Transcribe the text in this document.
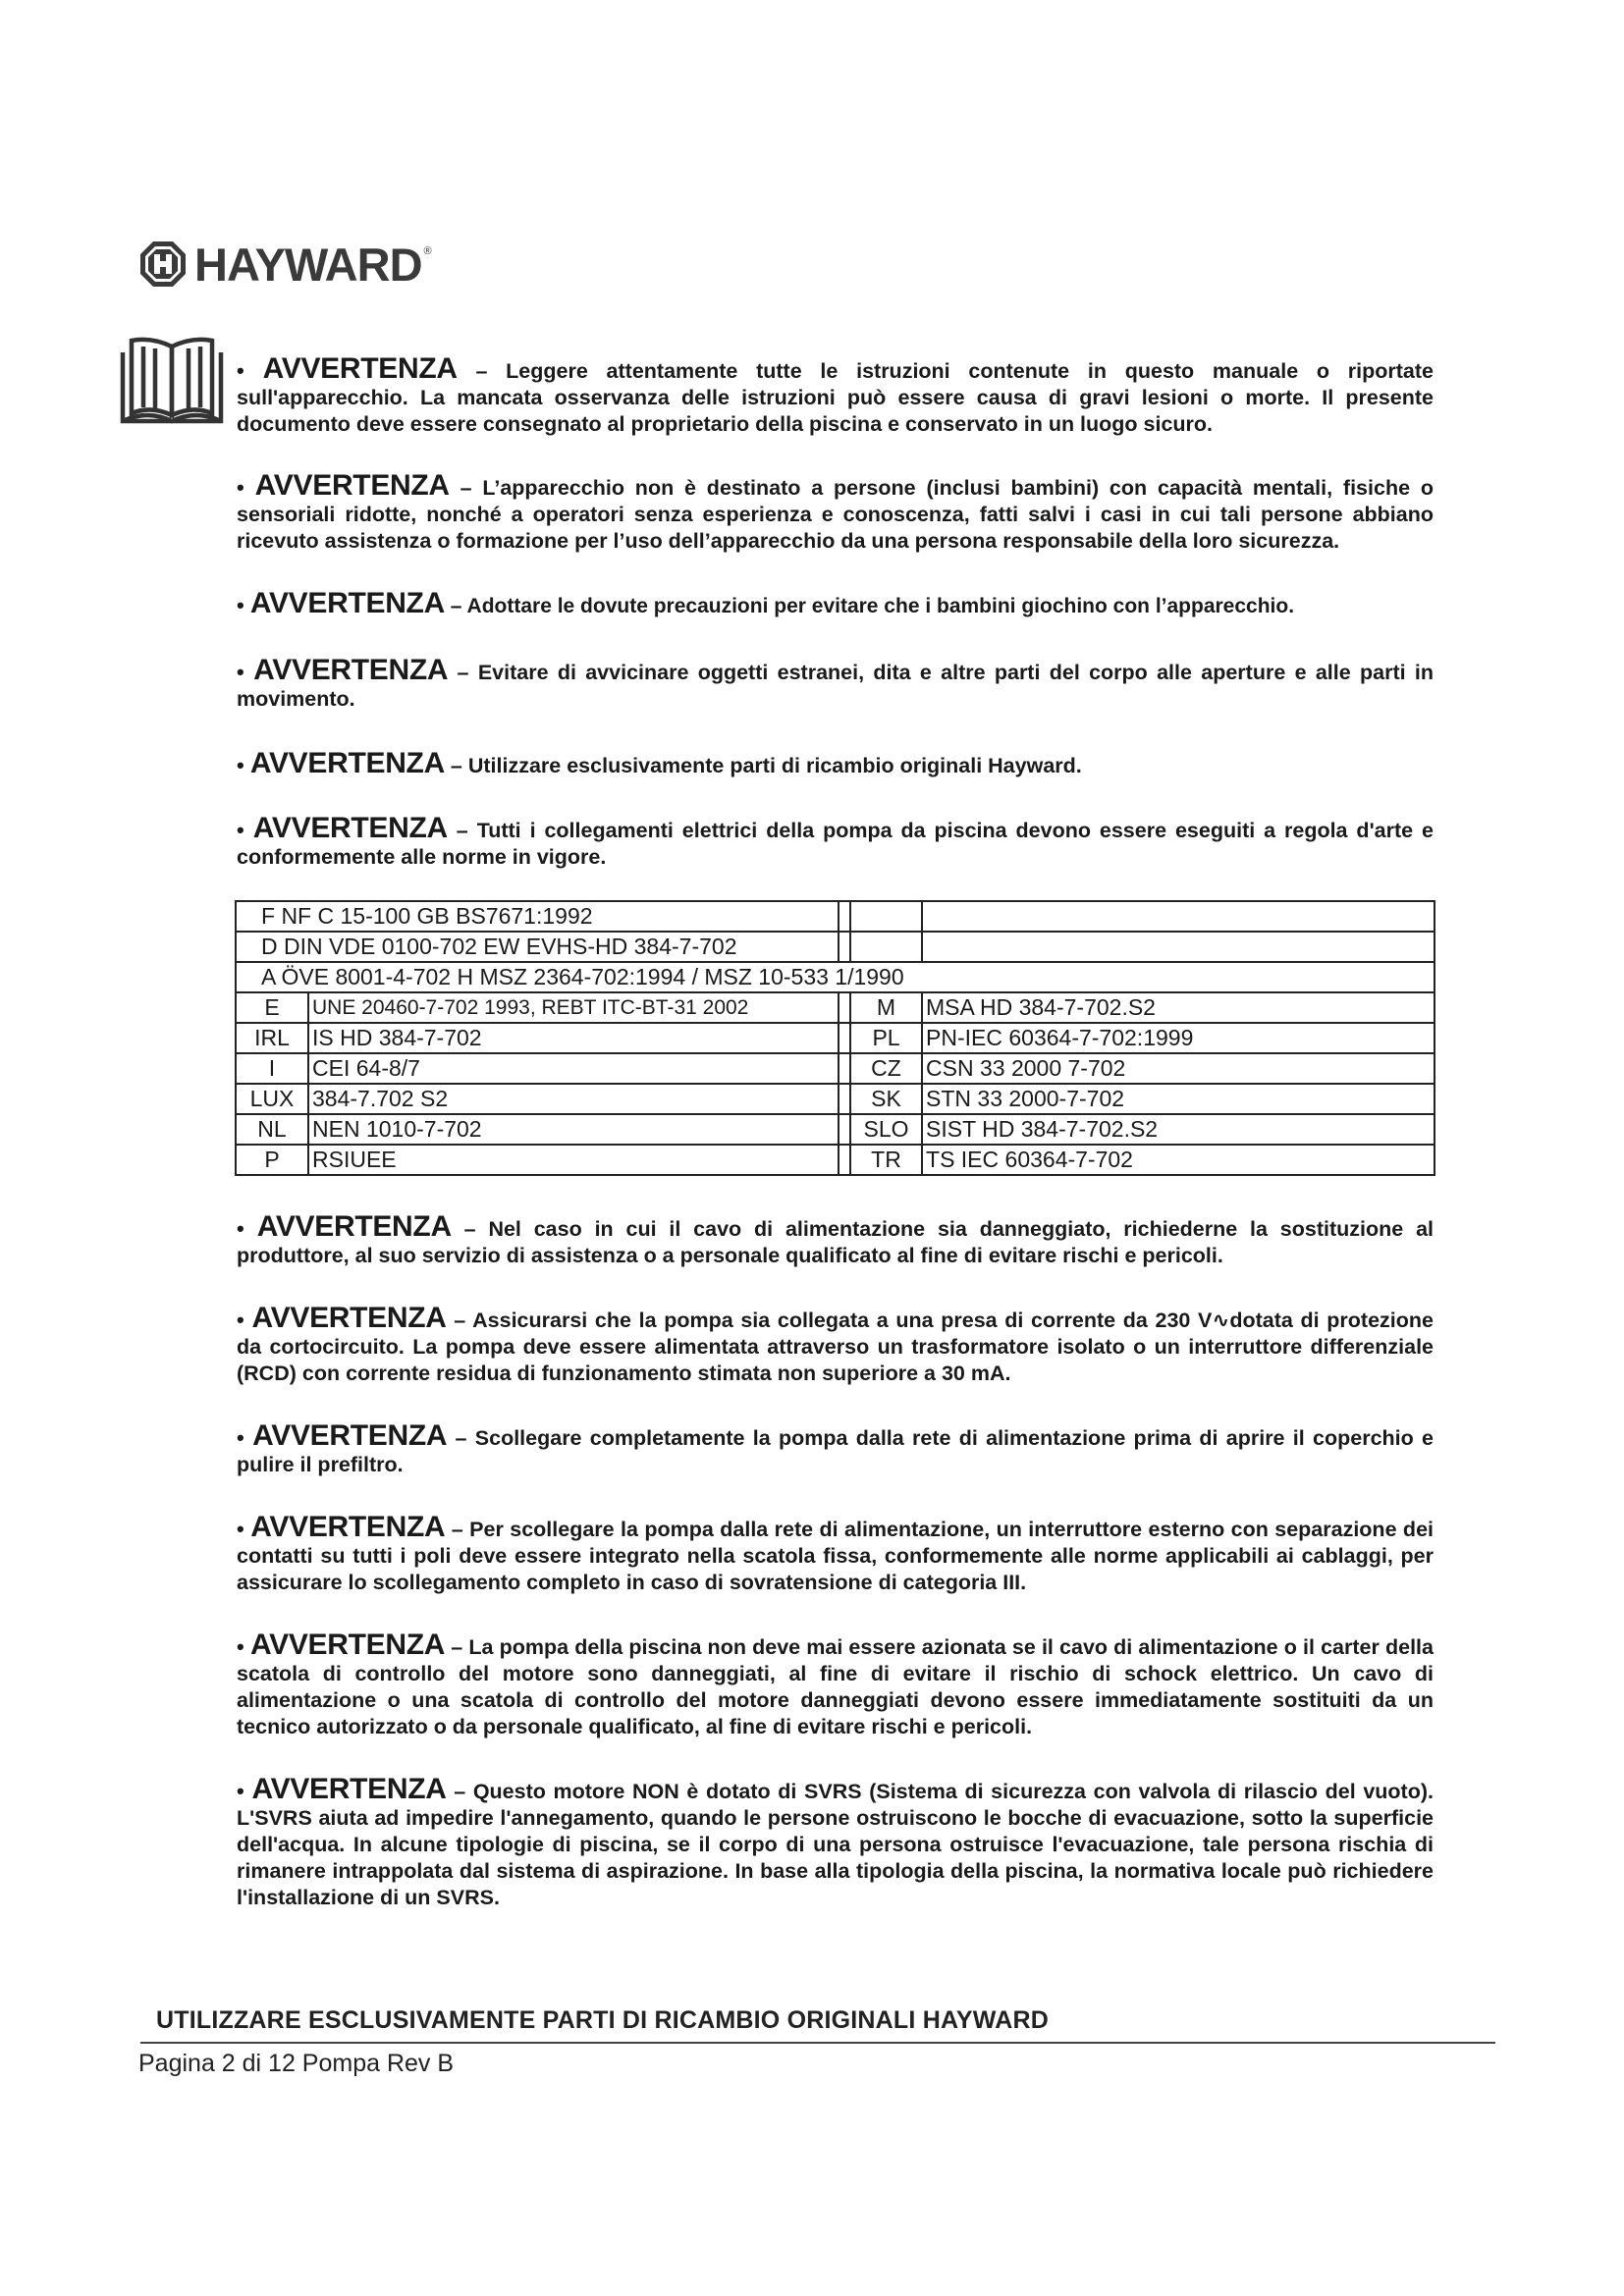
HAYWARD ®

• AVVERTENZA – Leggere attentamente tutte le istruzioni contenute in questo manuale o riportate sull'apparecchio. La mancata osservanza delle istruzioni può essere causa di gravi lesioni o morte. Il presente documento deve essere consegnato al proprietario della piscina e conservato in un luogo sicuro.

• AVVERTENZA – L’apparecchio non è destinato a persone (inclusi bambini) con capacità mentali, fisiche o sensoriali ridotte, nonché a operatori senza esperienza e conoscenza, fatti salvi i casi in cui tali persone abbiano ricevuto assistenza o formazione per l’uso dell’apparecchio da una persona responsabile della loro sicurezza.

• AVVERTENZA – Adottare le dovute precauzioni per evitare che i bambini giochino con l’apparecchio.

• AVVERTENZA – Evitare di avvicinare oggetti estranei, dita e altre parti del corpo alle aperture e alle parti in movimento.

• AVVERTENZA – Utilizzare esclusivamente parti di ricambio originali Hayward.

• AVVERTENZA – Tutti i collegamenti elettrici della pompa da piscina devono essere eseguiti a regola d'arte e conformemente alle norme in vigore.

F NF C 15-100 GB BS7671:1992				
D DIN VDE 0100-702 EW EVHS-HD 384-7-702				
A ÖVE 8001-4-702 H MSZ 2364-702:1994 / MSZ 10-533 1/1990				
E	UNE 20460-7-702 1993, REBT ITC-BT-31 2002		M	MSA HD 384-7-702.S2
IRL	IS HD 384-7-702		PL	PN-IEC 60364-7-702:1999
I	CEI 64-8/7		CZ	CSN 33 2000 7-702
LUX	384-7.702 S2		SK	STN 33 2000-7-702
NL	NEN 1010-7-702		SLO	SIST HD 384-7-702.S2
P	RSIUEE		TR	TS IEC 60364-7-702

• AVVERTENZA – Nel caso in cui il cavo di alimentazione sia danneggiato, richiederne la sostituzione al produttore, al suo servizio di assistenza o a personale qualificato al fine di evitare rischi e pericoli.

• AVVERTENZA – Assicurarsi che la pompa sia collegata a una presa di corrente da 230 V∿dotata di protezione da cortocircuito. La pompa deve essere alimentata attraverso un trasformatore isolato o un interruttore differenziale (RCD) con corrente residua di funzionamento stimata non superiore a 30 mA.

• AVVERTENZA – Scollegare completamente la pompa dalla rete di alimentazione prima di aprire il coperchio e pulire il prefiltro.

• AVVERTENZA – Per scollegare la pompa dalla rete di alimentazione, un interruttore esterno con separazione dei contatti su tutti i poli deve essere integrato nella scatola fissa, conformemente alle norme applicabili ai cablaggi, per assicurare lo scollegamento completo in caso di sovratensione di categoria III.

• AVVERTENZA – La pompa della piscina non deve mai essere azionata se il cavo di alimentazione o il carter della scatola di controllo del motore sono danneggiati, al fine di evitare il rischio di schock elettrico. Un cavo di alimentazione o una scatola di controllo del motore danneggiati devono essere immediatamente sostituiti da un tecnico autorizzato o da personale qualificato, al fine di evitare rischi e pericoli.

• AVVERTENZA – Questo motore NON è dotato di SVRS (Sistema di sicurezza con valvola di rilascio del vuoto). L'SVRS aiuta ad impedire l'annegamento, quando le persone ostruiscono le bocche di evacuazione, sotto la superficie dell'acqua. In alcune tipologie di piscina, se il corpo di una persona ostruisce l'evacuazione, tale persona rischia di rimanere intrappolata dal sistema di aspirazione. In base alla tipologia della piscina, la normativa locale può richiedere l'installazione di un SVRS.

UTILIZZARE ESCLUSIVAMENTE PARTI DI RICAMBIO ORIGINALI HAYWARD
Pagina 2 di 12 Pompa Rev B
